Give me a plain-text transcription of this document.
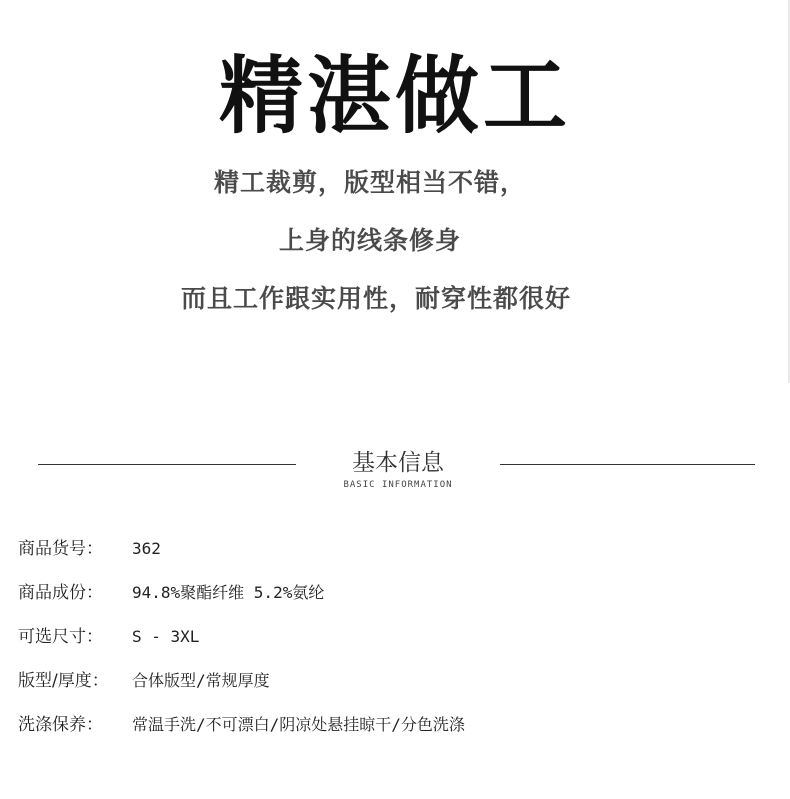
精湛做工
精工裁剪，版型相当不错，
上身的线条修身
而且工作跟实用性，耐穿性都很好
基本信息
BASIC INFORMATION
商品货号：	362
商品成份：	94.8%聚酯纤维 5.2%氨纶
可选尺寸：	S - 3XL
版型/厚度：	合体版型/常规厚度
洗涤保养：	常温手洗/不可漂白/阴凉处悬挂晾干/分色洗涤
